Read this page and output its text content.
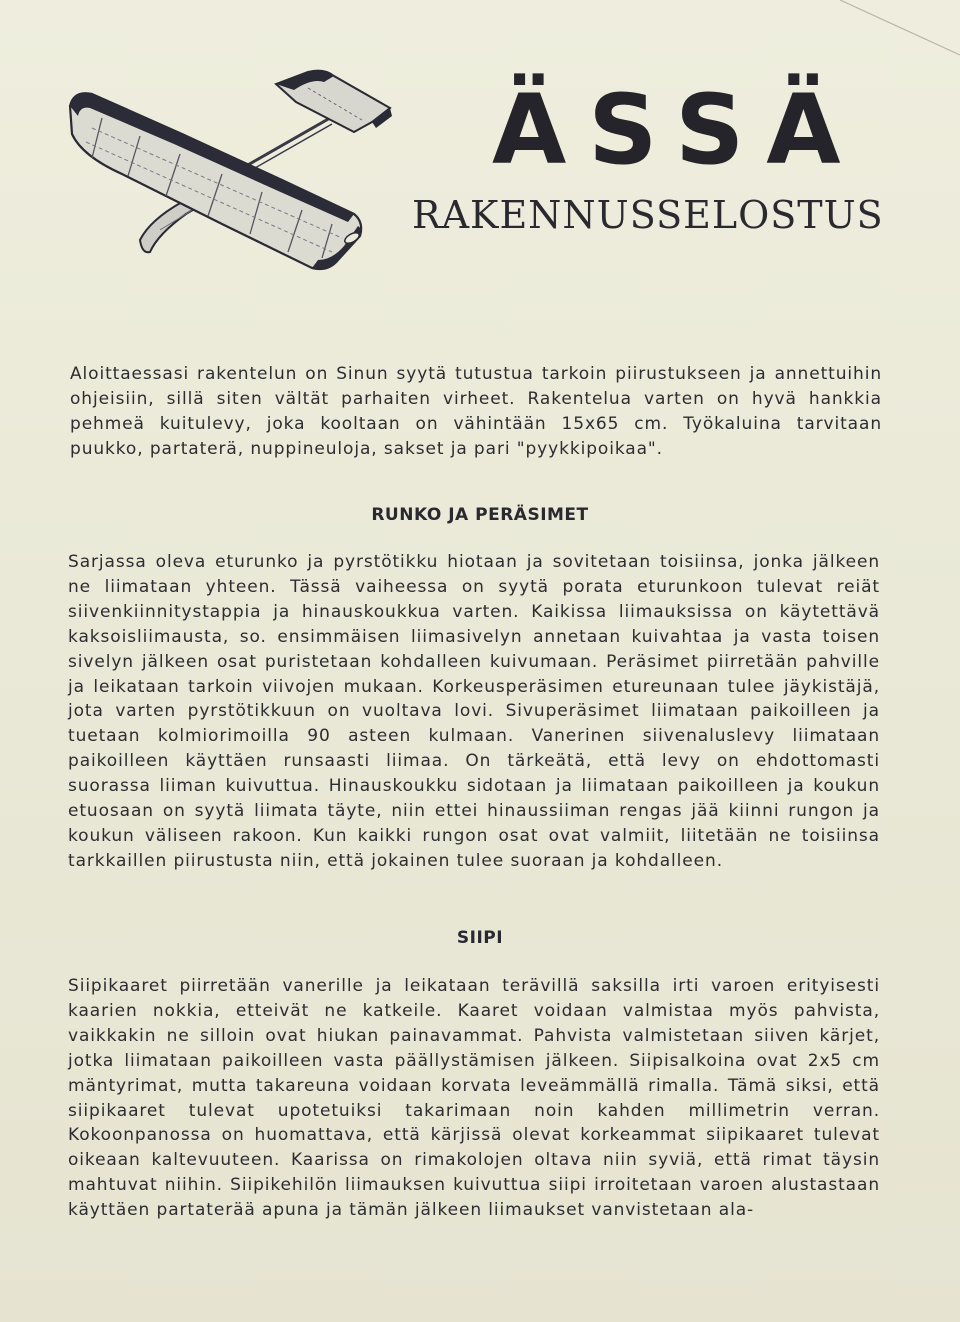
ÄSSÄ
RAKENNUSSELOSTUS
Aloittaessasi rakentelun on Sinun syytä tutustua tarkoin piirustukseen ja annettuihin ohjeisiin, sillä siten vältät parhaiten virheet. Rakentelua varten on hyvä hankkia pehmeä kuitulevy, joka kooltaan on vähintään 15x65 cm. Työkaluina tarvitaan puukko, partaterä, nuppineuloja, sakset ja pari "pyykkipoikaa".
RUNKO JA PERÄSIMET
Sarjassa oleva eturunko ja pyrstötikku hiotaan ja sovitetaan toisiinsa, jonka jälkeen ne liimataan yhteen. Tässä vaiheessa on syytä porata eturunkoon tulevat reiät siivenkiinnitystappia ja hinauskoukkua varten. Kaikissa liimauksissa on käytettävä kaksoisliimausta, so. ensimmäisen liimasivelyn annetaan kuivahtaa ja vasta toisen sivelyn jälkeen osat puristetaan kohdalleen kuivumaan. Peräsimet piirretään pahville ja leikataan tarkoin viivojen mukaan. Korkeusperäsimen etureunaan tulee jäykistäjä, jota varten pyrstötikkuun on vuoltava lovi. Sivuperäsimet liimataan paikoilleen ja tuetaan kolmiorimoilla 90 asteen kulmaan. Vanerinen siivenaluslevy liimataan paikoilleen käyttäen runsaasti liimaa. On tärkeätä, että levy on ehdottomasti suorassa liiman kuivuttua. Hinauskoukku sidotaan ja liimataan paikoilleen ja koukun etuosaan on syytä liimata täyte, niin ettei hinaussiiman rengas jää kiinni rungon ja koukun väliseen rakoon. Kun kaikki rungon osat ovat valmiit, liitetään ne toisiinsa tarkkaillen piirustusta niin, että jokainen tulee suoraan ja kohdalleen.
SIIPI
Siipikaaret piirretään vanerille ja leikataan terävillä saksilla irti varoen erityisesti kaarien nokkia, etteivät ne katkeile. Kaaret voidaan valmistaa myös pahvista, vaikkakin ne silloin ovat hiukan painavammat. Pahvista valmistetaan siiven kärjet, jotka liimataan paikoilleen vasta päällystämisen jälkeen. Siipisalkoina ovat 2x5 cm mäntyrimat, mutta takareuna voidaan korvata leveämmällä rimalla. Tämä siksi, että siipikaaret tulevat upotetuiksi takarimaan noin kahden millimetrin verran. Kokoonpanossa on huomattava, että kärjissä olevat korkeammat siipikaaret tulevat oikeaan kaltevuuteen. Kaarissa on rimakolojen oltava niin syviä, että rimat täysin mahtuvat niihin. Siipikehilön liimauksen kuivuttua siipi irroitetaan varoen alustastaan käyttäen partaterää apuna ja tämän jälkeen liimaukset vanvistetaan ala-
